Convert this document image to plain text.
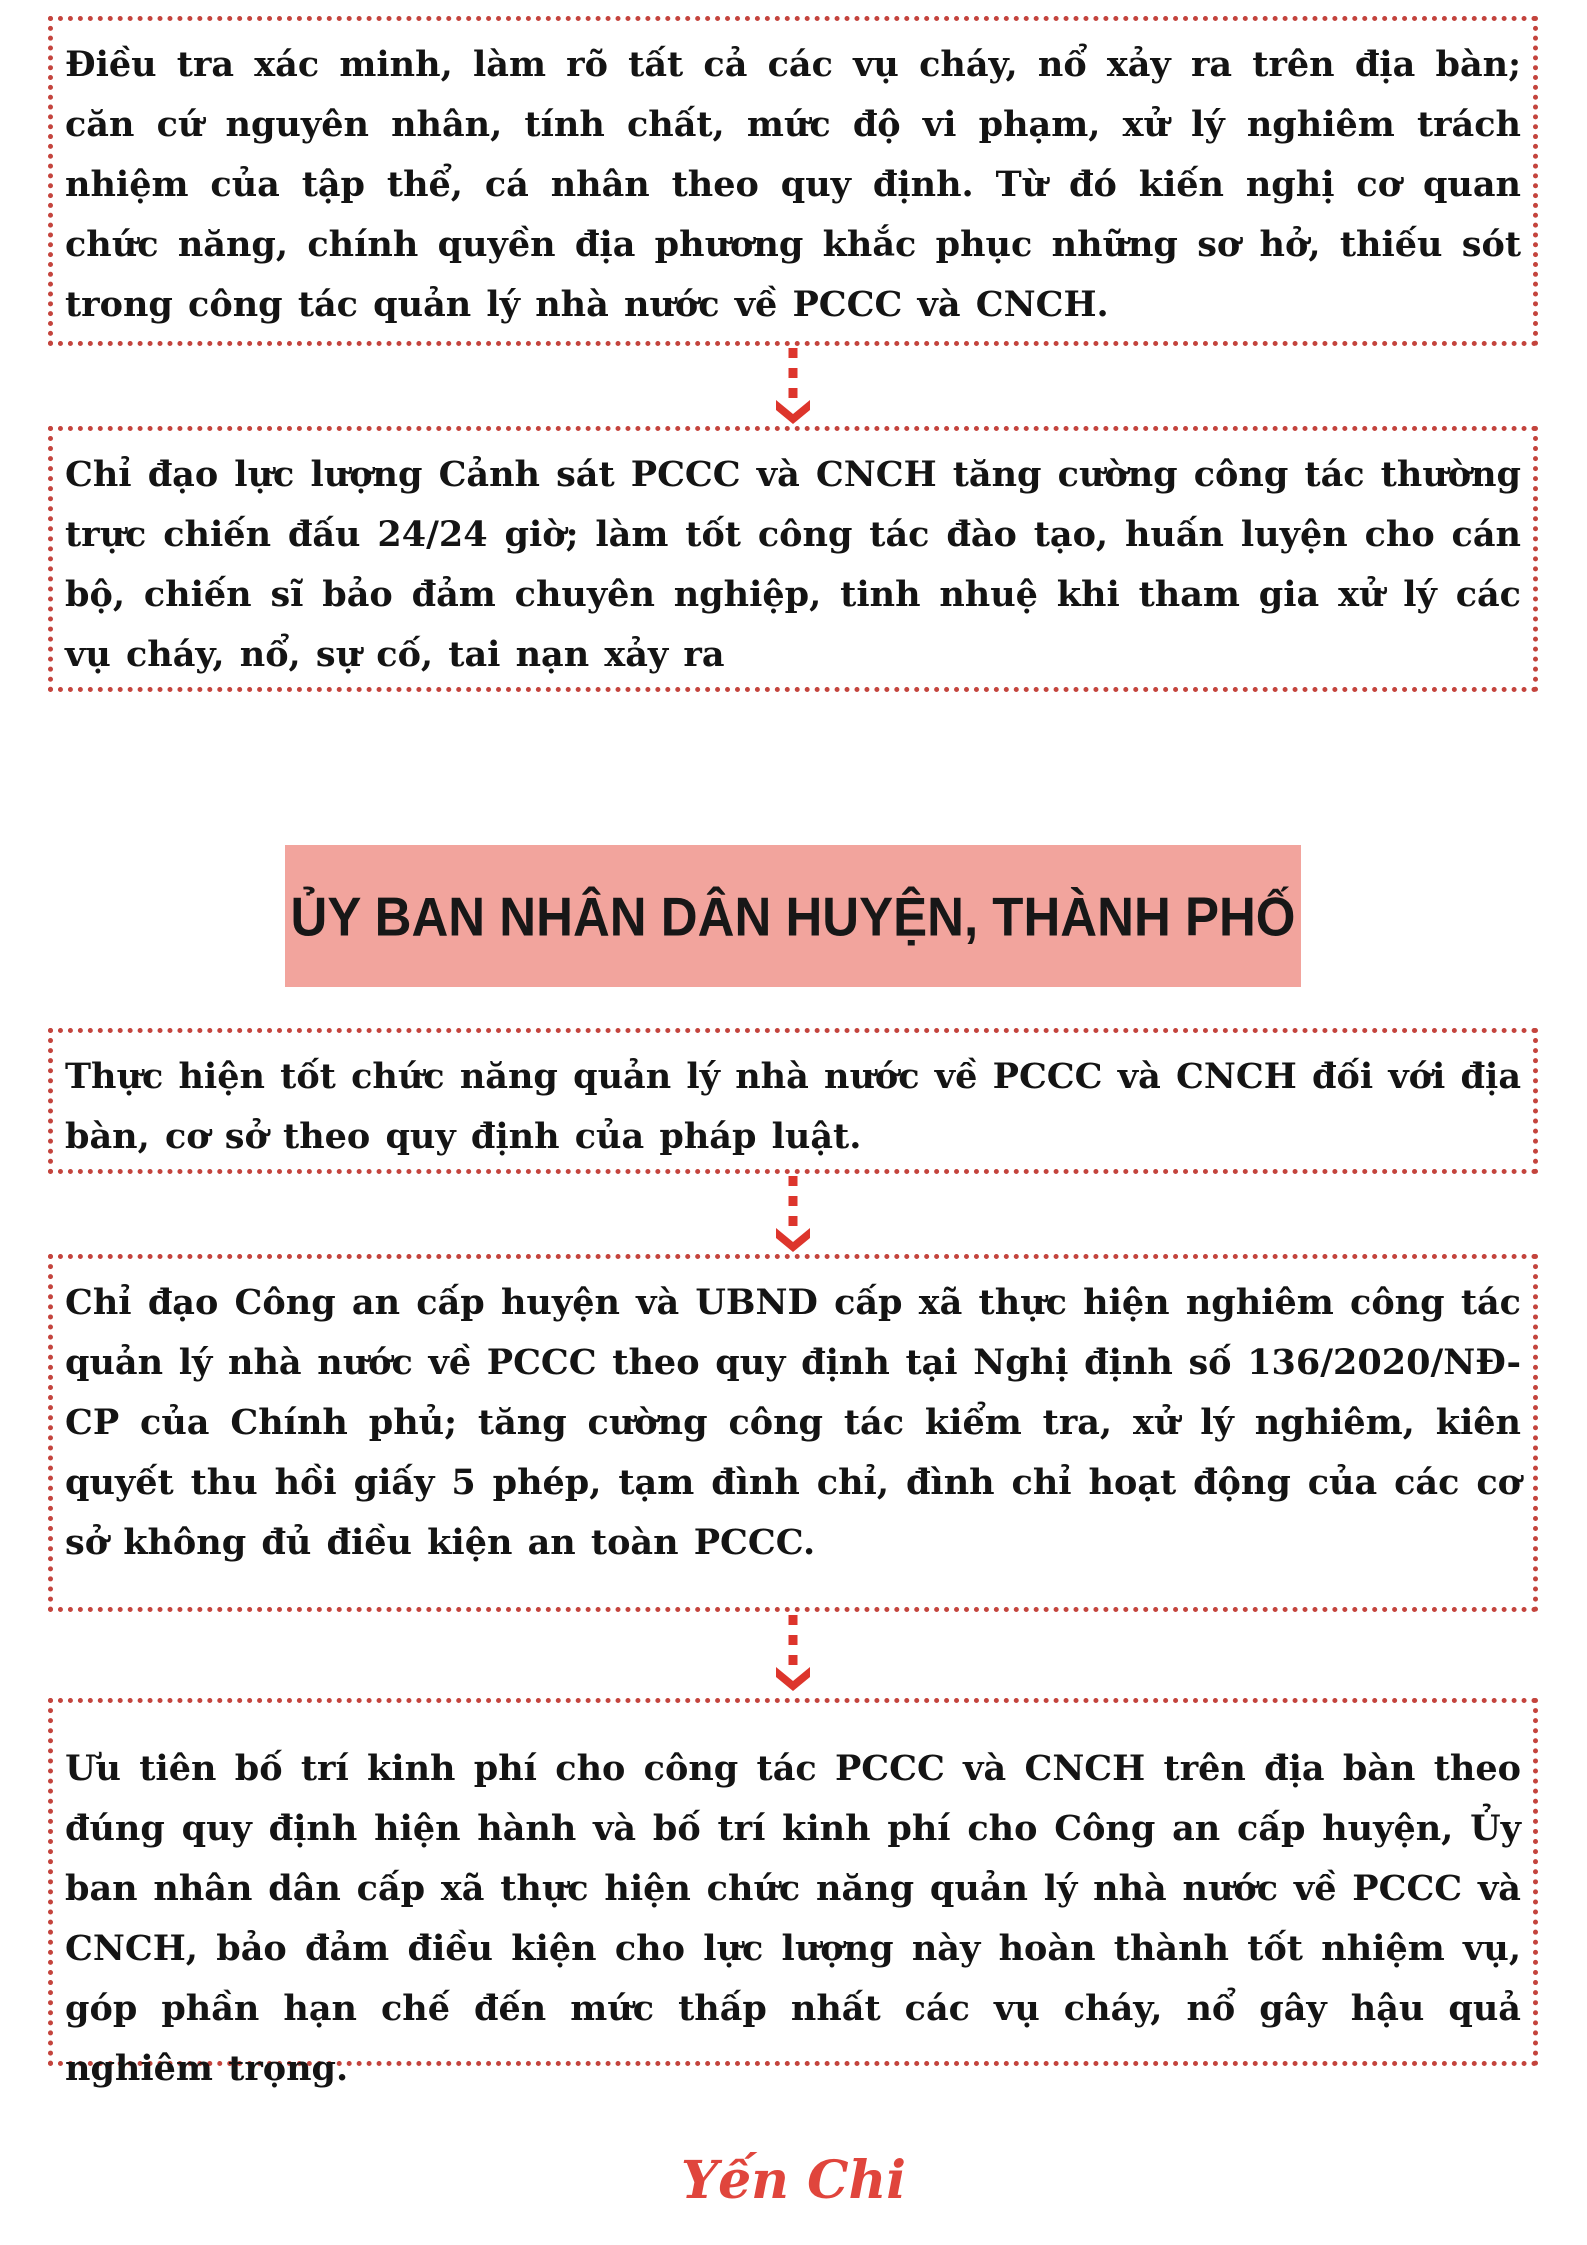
Điều tra xác minh, làm rõ tất cả các vụ cháy, nổ xảy ra trên địa bàn; căn cứ nguyên nhân, tính chất, mức độ vi phạm, xử lý nghiêm trách nhiệm của tập thể, cá nhân theo quy định. Từ đó kiến nghị cơ quan chức năng, chính quyền địa phương khắc phục những sơ hở, thiếu sót trong công tác quản lý nhà nước về PCCC và CNCH.

Chỉ đạo lực lượng Cảnh sát PCCC và CNCH tăng cường công tác thường trực chiến đấu 24/24 giờ; làm tốt công tác đào tạo, huấn luyện cho cán bộ, chiến sĩ bảo đảm chuyên nghiệp, tinh nhuệ khi tham gia xử lý các vụ cháy, nổ, sự cố, tai nạn xảy ra

ỦY BAN NHÂN DÂN HUYỆN, THÀNH PHỐ

Thực hiện tốt chức năng quản lý nhà nước về PCCC và CNCH đối với địa bàn, cơ sở theo quy định của pháp luật.

Chỉ đạo Công an cấp huyện và UBND cấp xã thực hiện nghiêm công tác quản lý nhà nước về PCCC theo quy định tại Nghị định số 136/2020/NĐ-CP của Chính phủ; tăng cường công tác kiểm tra, xử lý nghiêm, kiên quyết thu hồi giấy 5 phép, tạm đình chỉ, đình chỉ hoạt động của các cơ sở không đủ điều kiện an toàn PCCC.

Ưu tiên bố trí kinh phí cho công tác PCCC và CNCH trên địa bàn theo đúng quy định hiện hành và bố trí kinh phí cho Công an cấp huyện, Ủy ban nhân dân cấp xã thực hiện chức năng quản lý nhà nước về PCCC và CNCH, bảo đảm điều kiện cho lực lượng này hoàn thành tốt nhiệm vụ, góp phần hạn chế đến mức thấp nhất các vụ cháy, nổ gây hậu quả nghiêm trọng.

Yến Chi
